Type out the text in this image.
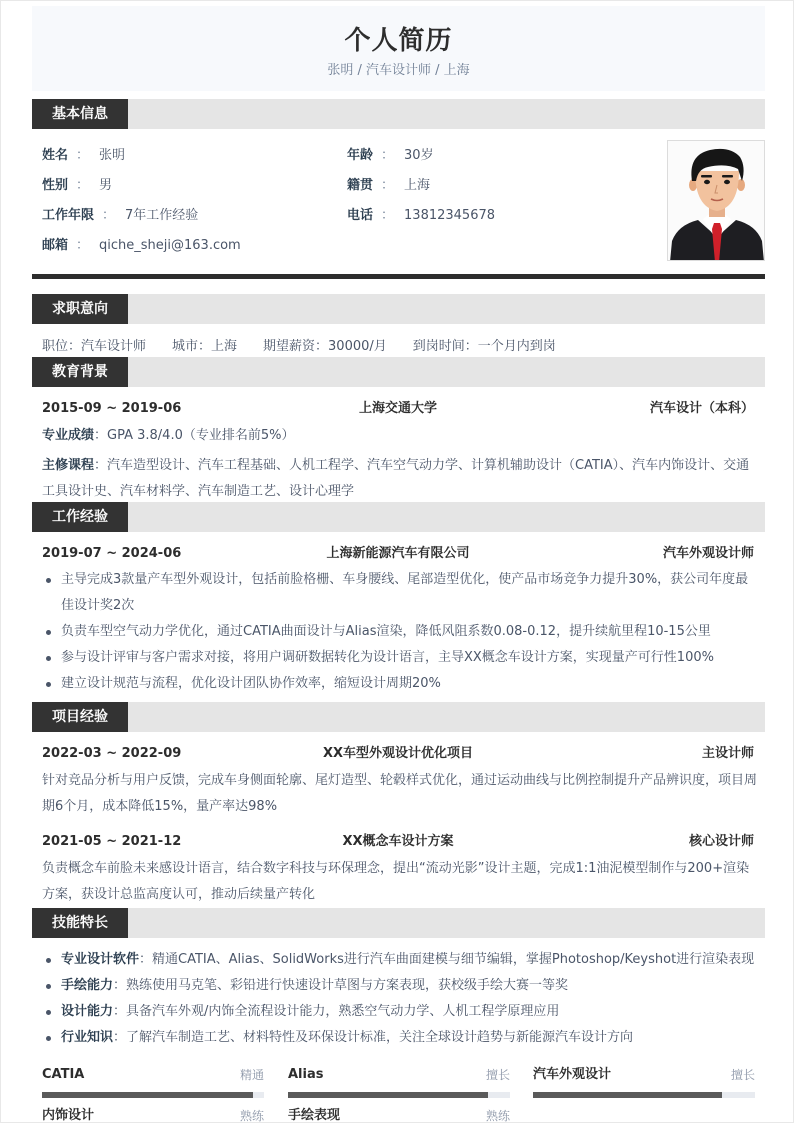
个人简历
张明 / 汽车设计师 / 上海
基本信息
姓名 ： 张明	年龄 ： 30岁
性别 ： 男	籍贯 ： 上海
工作年限 ： 7年工作经验	电话 ： 13812345678
邮箱 ： qiche_sheji@163.com
求职意向
职位：汽车设计师 城市：上海 期望薪资：30000/月 到岗时间：一个月内到岗
教育背景
2015-09 ~ 2019-06	上海交通大学	汽车设计（本科）
专业成绩：GPA 3.8/4.0（专业排名前5%）
主修课程：汽车造型设计、汽车工程基础、人机工程学、汽车空气动力学、计算机辅助设计（CATIA）、汽车内饰设计、交通工具设计史、汽车材料学、汽车制造工艺、设计心理学
工作经验
2019-07 ~ 2024-06	上海新能源汽车有限公司	汽车外观设计师
主导完成3款量产车型外观设计，包括前脸格栅、车身腰线、尾部造型优化，使产品市场竞争力提升30%，获公司年度最佳设计奖2次
负责车型空气动力学优化，通过CATIA曲面设计与Alias渲染，降低风阻系数0.08-0.12，提升续航里程10-15公里
参与设计评审与客户需求对接，将用户调研数据转化为设计语言，主导XX概念车设计方案，实现量产可行性100%
建立设计规范与流程，优化设计团队协作效率，缩短设计周期20%
项目经验
2022-03 ~ 2022-09	XX车型外观设计优化项目	主设计师
针对竞品分析与用户反馈，完成车身侧面轮廓、尾灯造型、轮毂样式优化，通过运动曲线与比例控制提升产品辨识度，项目周期6个月，成本降低15%，量产率达98%
2021-05 ~ 2021-12	XX概念车设计方案	核心设计师
负责概念车前脸未来感设计语言，结合数字科技与环保理念，提出“流动光影”设计主题，完成1:1油泥模型制作与200+渲染方案，获设计总监高度认可，推动后续量产转化
技能特长
专业设计软件：精通CATIA、Alias、SolidWorks进行汽车曲面建模与细节编辑，掌握Photoshop/Keyshot进行渲染表现
手绘能力：熟练使用马克笔、彩铅进行快速设计草图与方案表现，获校级手绘大赛一等奖
设计能力：具备汽车外观/内饰全流程设计能力，熟悉空气动力学、人机工程学原理应用
行业知识：了解汽车制造工艺、材料特性及环保设计标准，关注全球设计趋势与新能源汽车设计方向
CATIA	精通 Alias	擅长 汽车外观设计	擅长
内饰设计	熟练 手绘表现	熟练
